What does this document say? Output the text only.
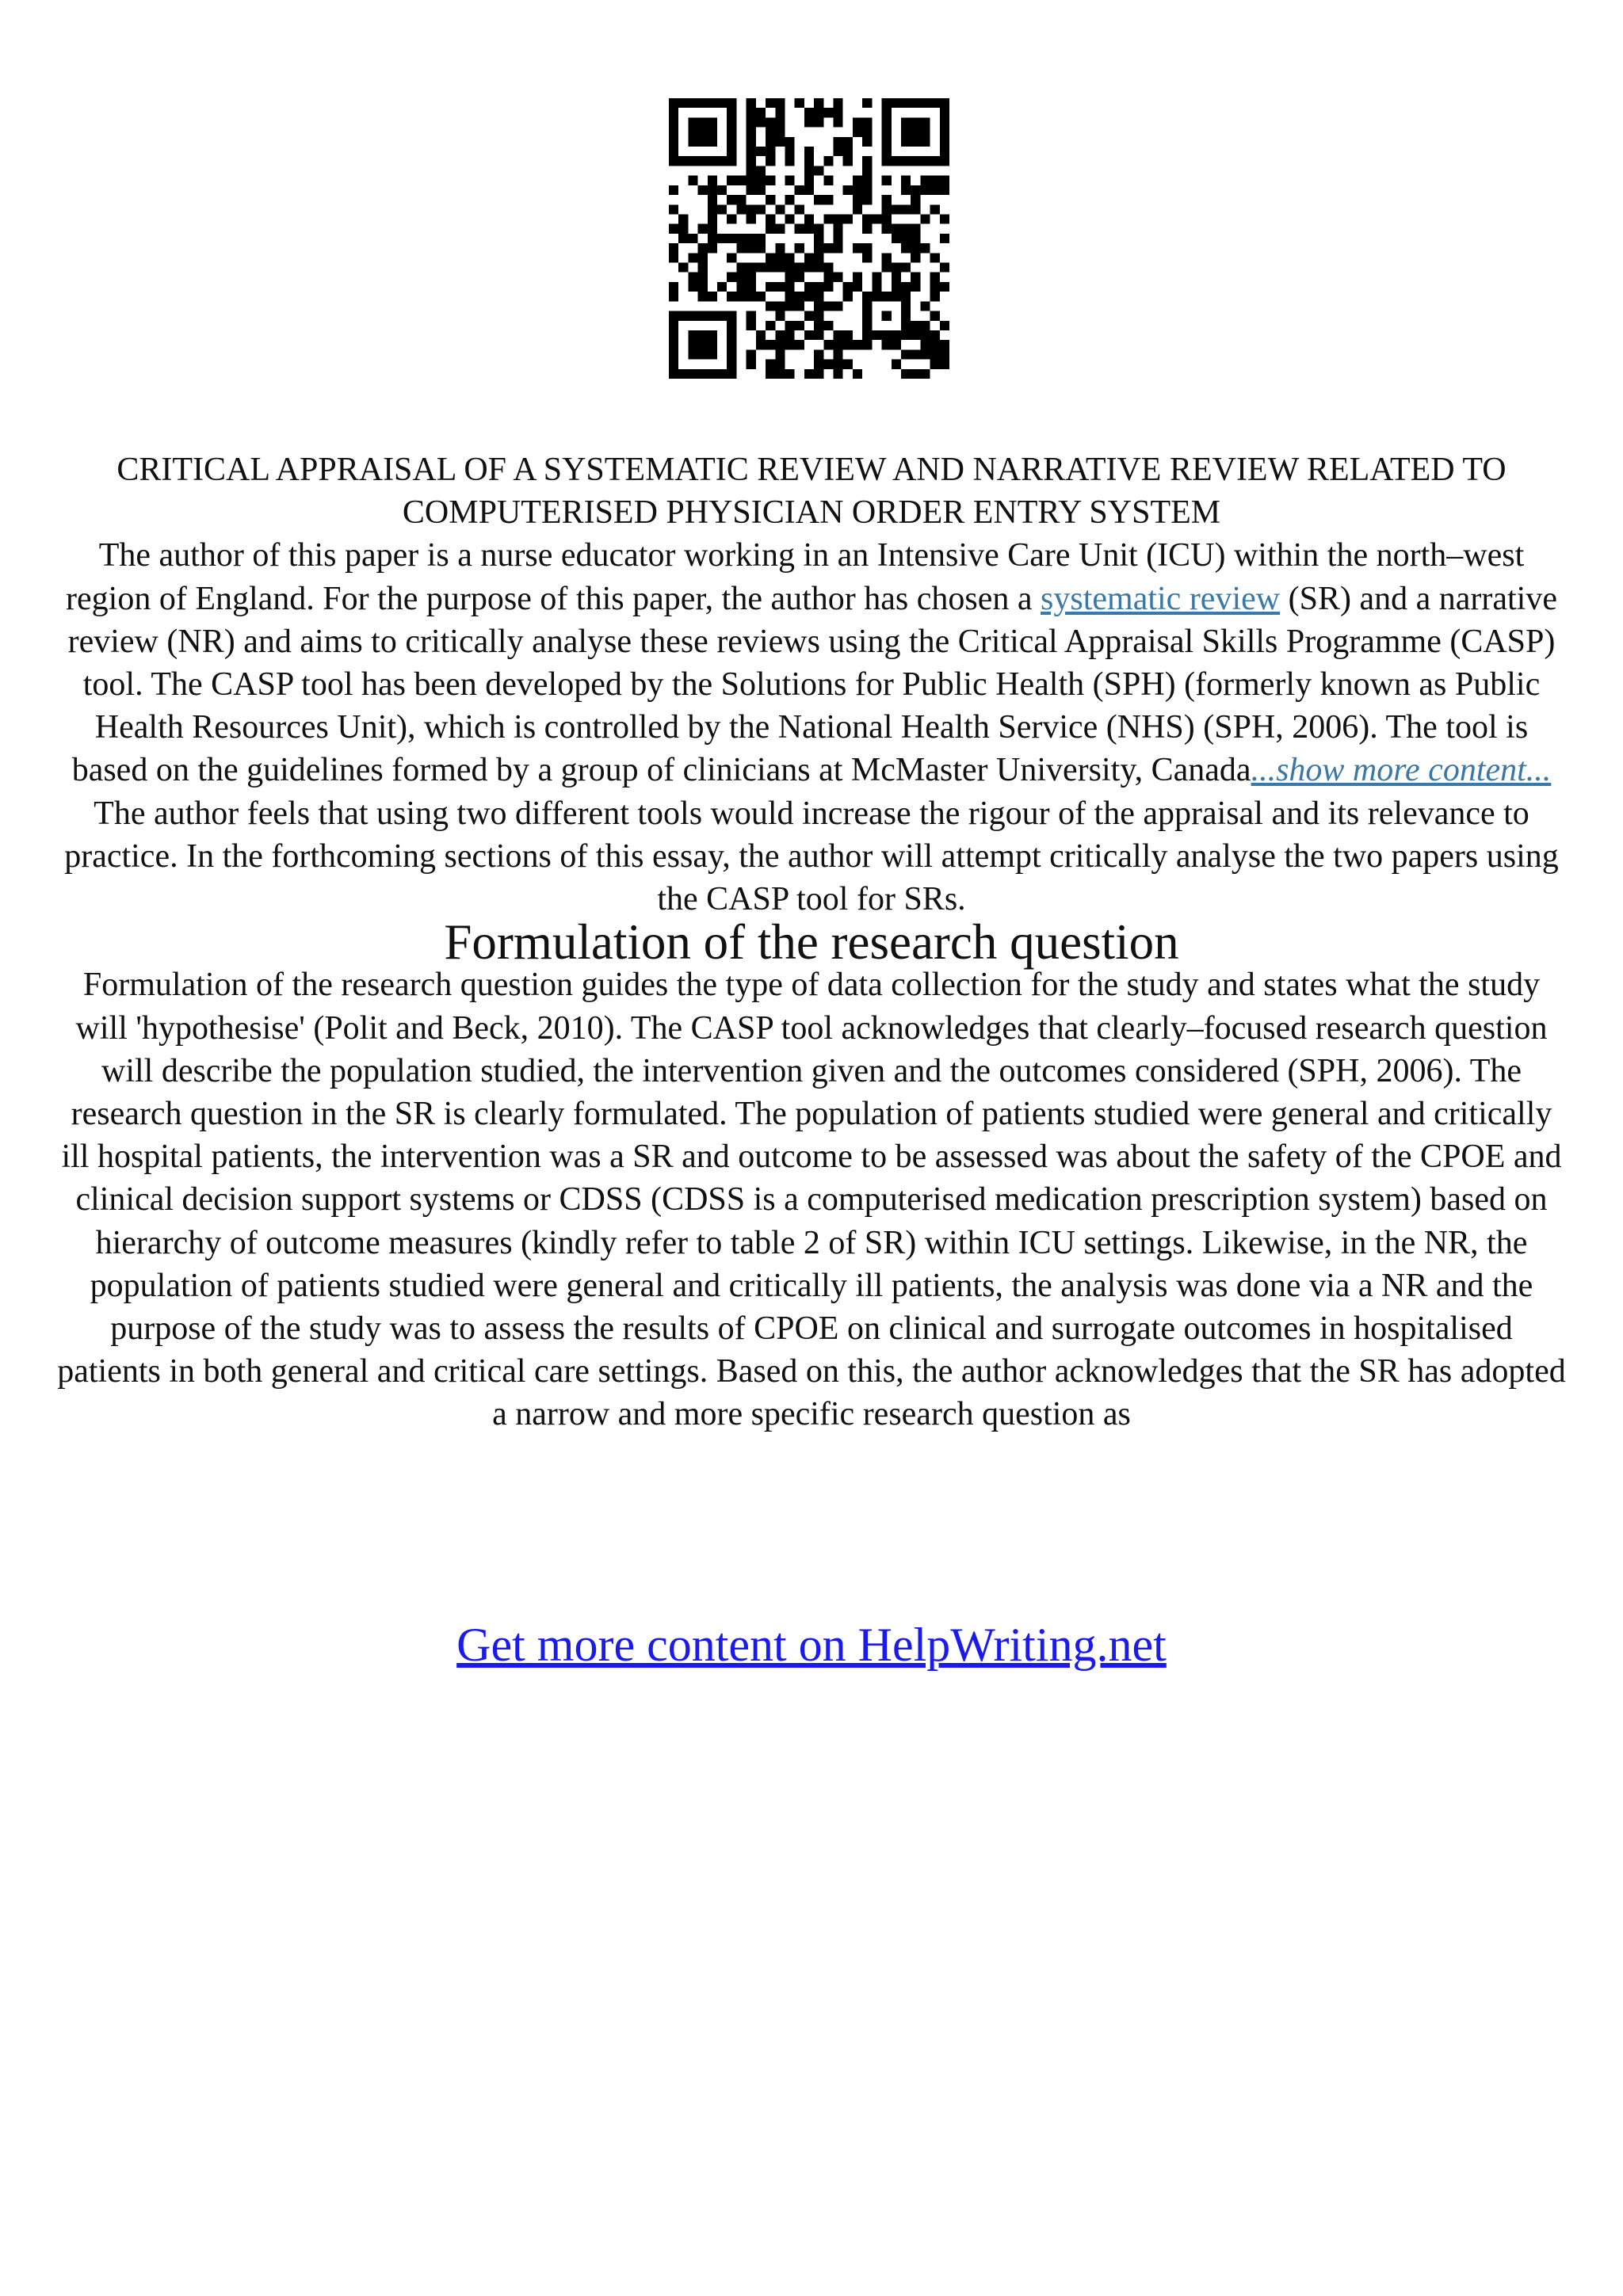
CRITICAL APPRAISAL OF A SYSTEMATIC REVIEW AND NARRATIVE REVIEW RELATED TO COMPUTERISED PHYSICIAN ORDER ENTRY SYSTEM

The author of this paper is a nurse educator working in an Intensive Care Unit (ICU) within the north–west region of England. For the purpose of this paper, the author has chosen a systematic review (SR) and a narrative review (NR) and aims to critically analyse these reviews using the Critical Appraisal Skills Programme (CASP) tool. The CASP tool has been developed by the Solutions for Public Health (SPH) (formerly known as Public Health Resources Unit), which is controlled by the National Health Service (NHS) (SPH, 2006). The tool is based on the guidelines formed by a group of clinicians at McMaster University, Canada...show more content...

The author feels that using two different tools would increase the rigour of the appraisal and its relevance to practice. In the forthcoming sections of this essay, the author will attempt critically analyse the two papers using the CASP tool for SRs.

Formulation of the research question

Formulation of the research question guides the type of data collection for the study and states what the study will 'hypothesise' (Polit and Beck, 2010). The CASP tool acknowledges that clearly–focused research question will describe the population studied, the intervention given and the outcomes considered (SPH, 2006). The research question in the SR is clearly formulated. The population of patients studied were general and critically ill hospital patients, the intervention was a SR and outcome to be assessed was about the safety of the CPOE and clinical decision support systems or CDSS (CDSS is a computerised medication prescription system) based on hierarchy of outcome measures (kindly refer to table 2 of SR) within ICU settings. Likewise, in the NR, the population of patients studied were general and critically ill patients, the analysis was done via a NR and the purpose of the study was to assess the results of CPOE on clinical and surrogate outcomes in hospitalised patients in both general and critical care settings. Based on this, the author acknowledges that the SR has adopted a narrow and more specific research question as

Get more content on HelpWriting.net
